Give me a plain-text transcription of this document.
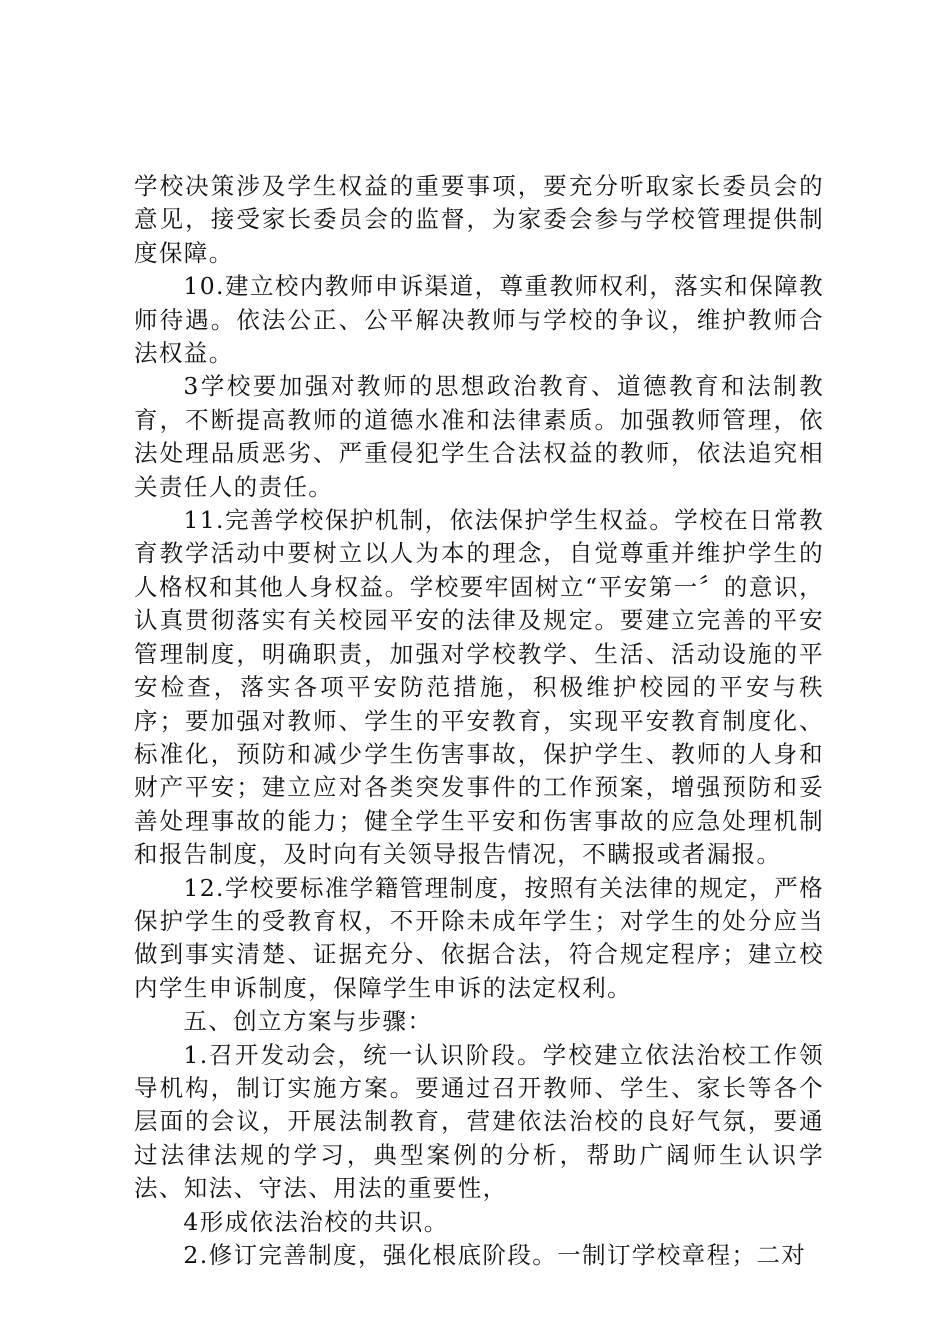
学校决策涉及学生权益的重要事项，要充分听取家长委员会的意见，接受家长委员会的监督，为家委会参与学校管理提供制度保障。

10.建立校内教师申诉渠道，尊重教师权利，落实和保障教师待遇。依法公正、公平解决教师与学校的争议，维护教师合法权益。

3学校要加强对教师的思想政治教育、道德教育和法制教育，不断提高教师的道德水准和法律素质。加强教师管理，依法处理品质恶劣、严重侵犯学生合法权益的教师，依法追究相关责任人的责任。

11.完善学校保护机制，依法保护学生权益。学校在日常教育教学活动中要树立以人为本的理念，自觉尊重并维护学生的人格权和其他人身权益。学校要牢固树立“平安第一〞的意识，认真贯彻落实有关校园平安的法律及规定。要建立完善的平安管理制度，明确职责，加强对学校教学、生活、活动设施的平安检查，落实各项平安防范措施，积极维护校园的平安与秩序；要加强对教师、学生的平安教育，实现平安教育制度化、标准化，预防和减少学生伤害事故，保护学生、教师的人身和财产平安；建立应对各类突发事件的工作预案，增强预防和妥善处理事故的能力；健全学生平安和伤害事故的应急处理机制和报告制度，及时向有关领导报告情况，不瞒报或者漏报。

12.学校要标准学籍管理制度，按照有关法律的规定，严格保护学生的受教育权，不开除未成年学生；对学生的处分应当做到事实清楚、证据充分、依据合法，符合规定程序；建立校内学生申诉制度，保障学生申诉的法定权利。

五、创立方案与步骤：

1.召开发动会，统一认识阶段。学校建立依法治校工作领导机构，制订实施方案。要通过召开教师、学生、家长等各个层面的会议，开展法制教育，营建依法治校的良好气氛，要通过法律法规的学习，典型案例的分析，帮助广阔师生认识学法、知法、守法、用法的重要性，

4形成依法治校的共识。

2.修订完善制度，强化根底阶段。一制订学校章程；二对
